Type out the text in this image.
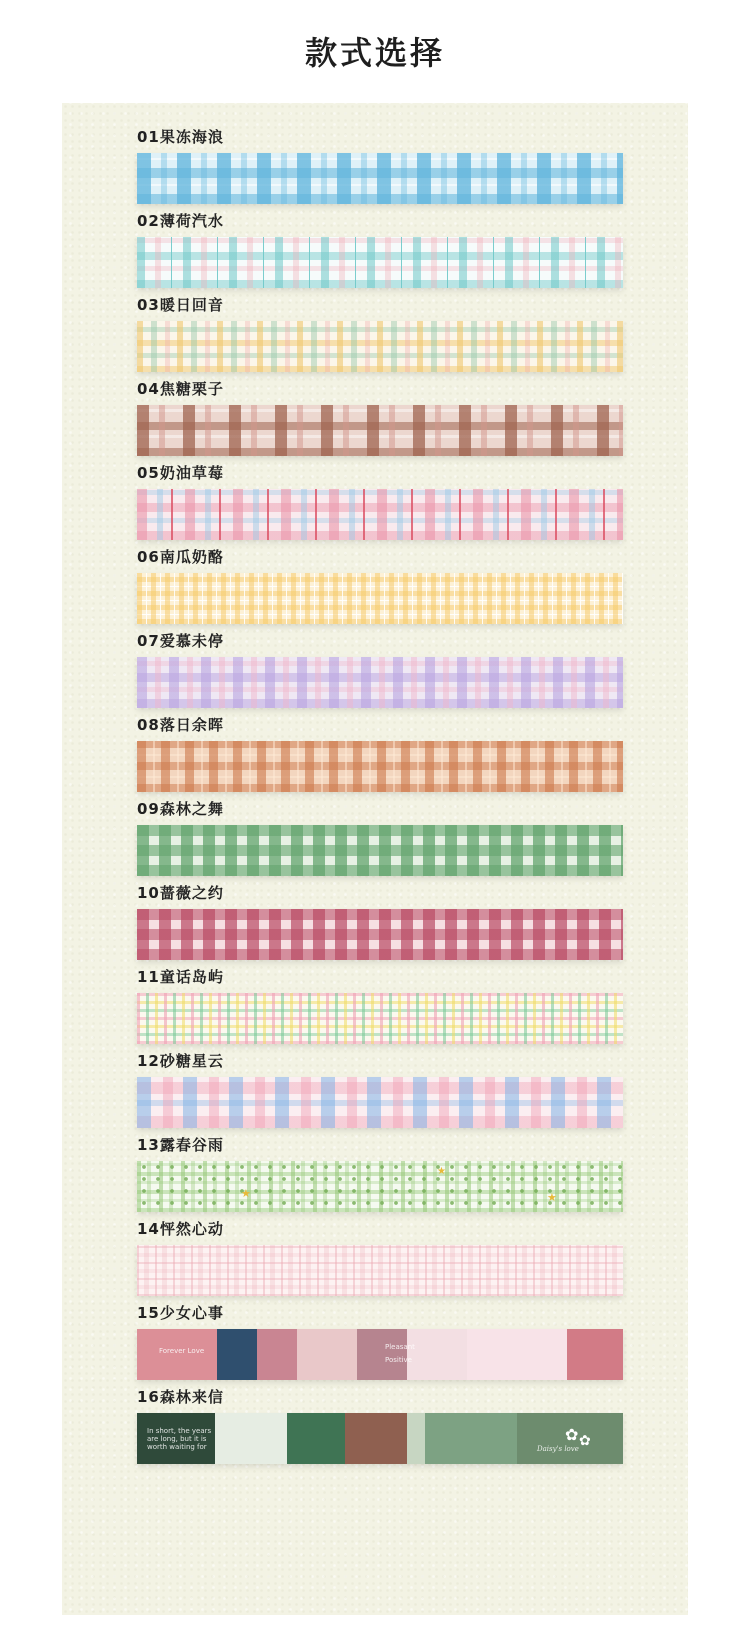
款式选择
01果冻海浪
02薄荷汽水
03暖日回音
04焦糖栗子
05奶油草莓
06南瓜奶酪
07爱慕未停
08落日余晖
09森林之舞
10蔷薇之约
11童话岛屿
12砂糖星云
13露春谷雨
★
★
★
14怦然心动
15少女心事
Forever Love	Pleasant
Positive
16森林来信
In short, the years are long, but it is worth waiting for	Daisy's love
✿ ✿
